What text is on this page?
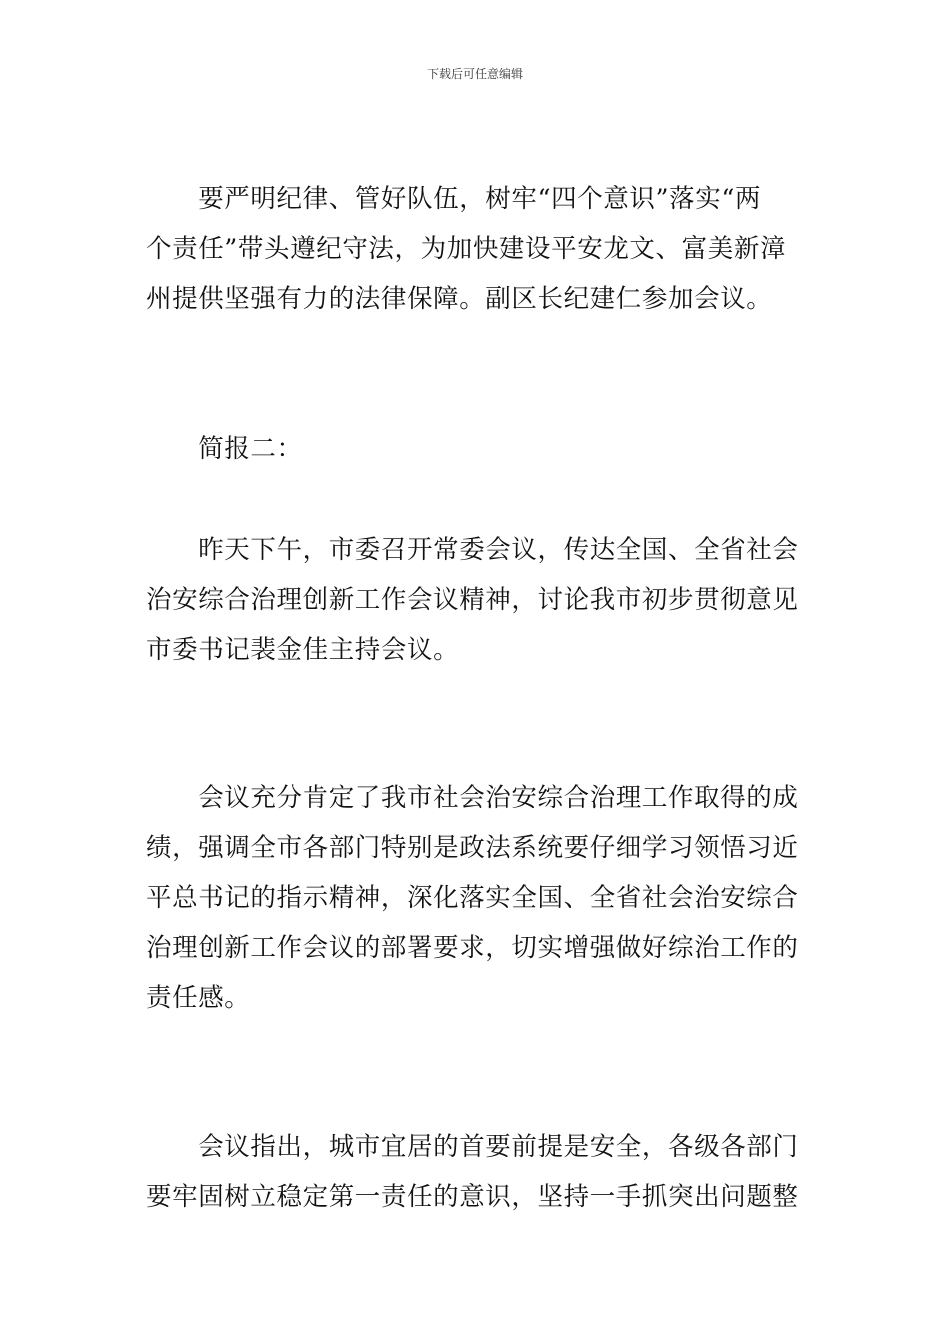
下载后可任意编辑
　　要严明纪律、管好队伍，树牢“四个意识”落实“两
个责任”带头遵纪守法，为加快建设平安龙文、富美新漳
州提供坚强有力的法律保障。副区长纪建仁参加会议。
　　简报二：
　　昨天下午，市委召开常委会议，传达全国、全省社会
治安综合治理创新工作会议精神，讨论我市初步贯彻意见
市委书记裴金佳主持会议。
　　会议充分肯定了我市社会治安综合治理工作取得的成
绩，强调全市各部门特别是政法系统要仔细学习领悟习近
平总书记的指示精神，深化落实全国、全省社会治安综合
治理创新工作会议的部署要求，切实增强做好综治工作的
责任感。
　　会议指出，城市宜居的首要前提是安全，各级各部门
要牢固树立稳定第一责任的意识，坚持一手抓突出问题整
